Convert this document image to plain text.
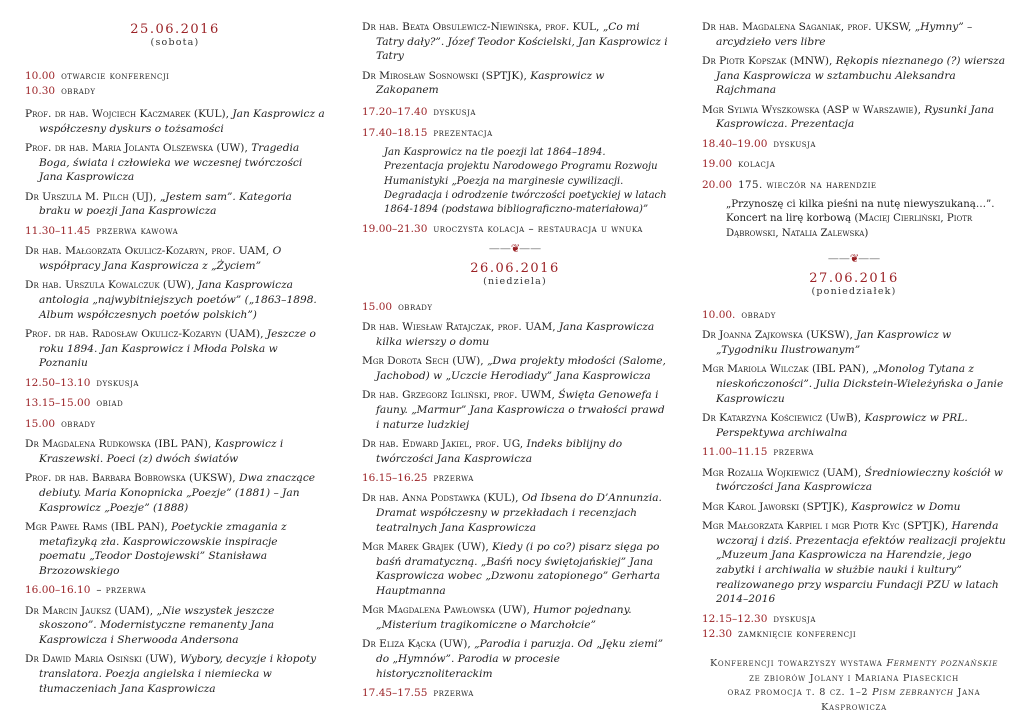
25.06.2016
(sobota)
10.00 otwarcie konferencji
10.30 obrady
Prof. dr hab. Wojciech Kaczmarek (KUL), Jan Kasprowicz a współczesny dyskurs o tożsamości
Prof. dr hab. Maria Jolanta Olszewska (UW), Tragedia Boga, świata i człowieka we wczesnej twórczości Jana Kasprowicza
Dr Urszula M. Pilch (UJ), „Jestem sam”. Kategoria braku w poezji Jana Kasprowicza
11.30–11.45 przerwa kawowa
Dr hab. Małgorzata Okulicz-Kozaryn, prof. UAM, O współpracy Jana Kasprowicza z „Życiem”
Dr hab. Urszula Kowalczuk (UW), Jana Kasprowicza antologia „najwybitniejszych poetów” („1863–1898. Album współczesnych poetów polskich”)
Prof. dr hab. Radosław Okulicz-Kozaryn (UAM), Jeszcze o roku 1894. Jan Kasprowicz i Młoda Polska w Poznaniu
12.50–13.10 dyskusja
13.15–15.00 obiad
15.00 obrady
Dr Magdalena Rudkowska (IBL PAN), Kasprowicz i Kraszewski. Poeci (z) dwóch światów
Prof. dr hab. Barbara Bobrowska (UKSW), Dwa znaczące debiuty. Maria Konopnicka „Poezje” (1881) – Jan Kasprowicz „Poezje” (1888)
Mgr Paweł Rams (IBL PAN), Poetyckie zmagania z metafizyką zła. Kasprowiczowskie inspiracje poematu „Teodor Dostojewski” Stanisława Brzozowskiego
16.00–16.10 – przerwa
Dr Marcin Jauksz (UAM), „Nie wszystek jeszcze skoszono”. Modernistyczne remanenty Jana Kasprowicza i Sherwooda Andersona
Dr Dawid Maria Osiński (UW), Wybory, decyzje i kłopoty translatora. Poezja angielska i niemiecka w tłumaczeniach Jana Kasprowicza
Dr hab. Beata Obsulewicz-Niewińska, prof. KUL, „Co mi Tatry dały?”. Józef Teodor Kościelski, Jan Kasprowicz i Tatry
Dr Mirosław Sosnowski (SPTJK), Kasprowicz w Zakopanem
17.20–17.40 dyskusja
17.40–18.15 prezentacja
Jan Kasprowicz na tle poezji lat 1864–1894. Prezentacja projektu Narodowego Programu Rozwoju Humanistyki „Poezja na marginesie cywilizacji. Degradacja i odrodzenie twórczości poetyckiej w latach 1864-1894 (podstawa bibliograficzno-materiałowa)”
19.00–21.30 uroczysta kolacja – restauracja u wnuka
——❦——
26.06.2016
(niedziela)
15.00 obrady
Dr hab. Wiesław Ratajczak, prof. UAM, Jana Kasprowicza kilka wierszy o domu
Mgr Dorota Sech (UW), „Dwa projekty młodości (Salome, Jachobod) w „Uczcie Herodiady” Jana Kasprowicza
Dr hab. Grzegorz Igliński, prof. UWM, Święta Genowefa i fauny. „Marmur” Jana Kasprowicza o trwałości prawd i naturze ludzkiej
Dr hab. Edward Jakiel, prof. UG, Indeks biblijny do twórczości Jana Kasprowicza
16.15–16.25 przerwa
Dr hab. Anna Podstawka (KUL), Od Ibsena do D’Annunzia. Dramat współczesny w przekładach i recenzjach teatralnych Jana Kasprowicza
Mgr Marek Grajek (UW), Kiedy (i po co?) pisarz sięga po baśń dramatyczną. „Baśń nocy świętojańskiej” Jana Kasprowicza wobec „Dzwonu zatopionego” Gerharta Hauptmanna
Mgr Magdalena Pawłowska (UW), Humor pojednany. „Misterium tragikomiczne o Marchołcie”
Dr Eliza Kącka (UW), „Parodia i paruzja. Od „Jęku ziemi” do „Hymnów”. Parodia w procesie historycznoliterackim
17.45–17.55 przerwa
Dr hab. Magdalena Saganiak, prof. UKSW, „Hymny” – arcydzieło vers libre
Dr Piotr Kopszak (MNW), Rękopis nieznanego (?) wiersza Jana Kasprowicza w sztambuchu Aleksandra Rajchmana
Mgr Sylwia Wyszkowska (ASP w Warszawie), Rysunki Jana Kasprowicza. Prezentacja
18.40–19.00 dyskusja
19.00 kolacja
20.00 175. wieczór na harendzie
„Przynoszę ci kilka pieśni na nutę niewyszukaną…”. Koncert na lirę korbową (Maciej Cierliński, Piotr Dąbrowski, Natalia Zalewska)
——❦——
27.06.2016
(poniedziałek)
10.00. obrady
Dr Joanna Zajkowska (UKSW), Jan Kasprowicz w „Tygodniku Ilustrowanym”
Mgr Mariola Wilczak (IBL PAN), „Monolog Tytana z nieskończoności”. Julia Dickstein-Wieleżyńska o Janie Kasprowiczu
Dr Katarzyna Kościewicz (UwB), Kasprowicz w PRL. Perspektywa archiwalna
11.00–11.15 przerwa
Mgr Rozalia Wojkiewicz (UAM), Średniowieczny kościół w twórczości Jana Kasprowicza
Mgr Karol Jaworski (SPTJK), Kasprowicz w Domu
Mgr Małgorzata Karpiel i mgr Piotr Kyc (SPTJK), Harenda wczoraj i dziś. Prezentacja efektów realizacji projektu „Muzeum Jana Kasprowicza na Harendzie, jego zabytki i archiwalia w służbie nauki i kultury” realizowanego przy wsparciu Fundacji PZU w latach 2014–2016
12.15–12.30 dyskusja
12.30 zamknięcie konferencji
Konferencji towarzyszy wystawa Fermenty poznańskie
ze zbiorów Jolany i Mariana Piaseckich
oraz promocja t. 8 cz. 1–2 Pism zebranych Jana Kasprowicza
